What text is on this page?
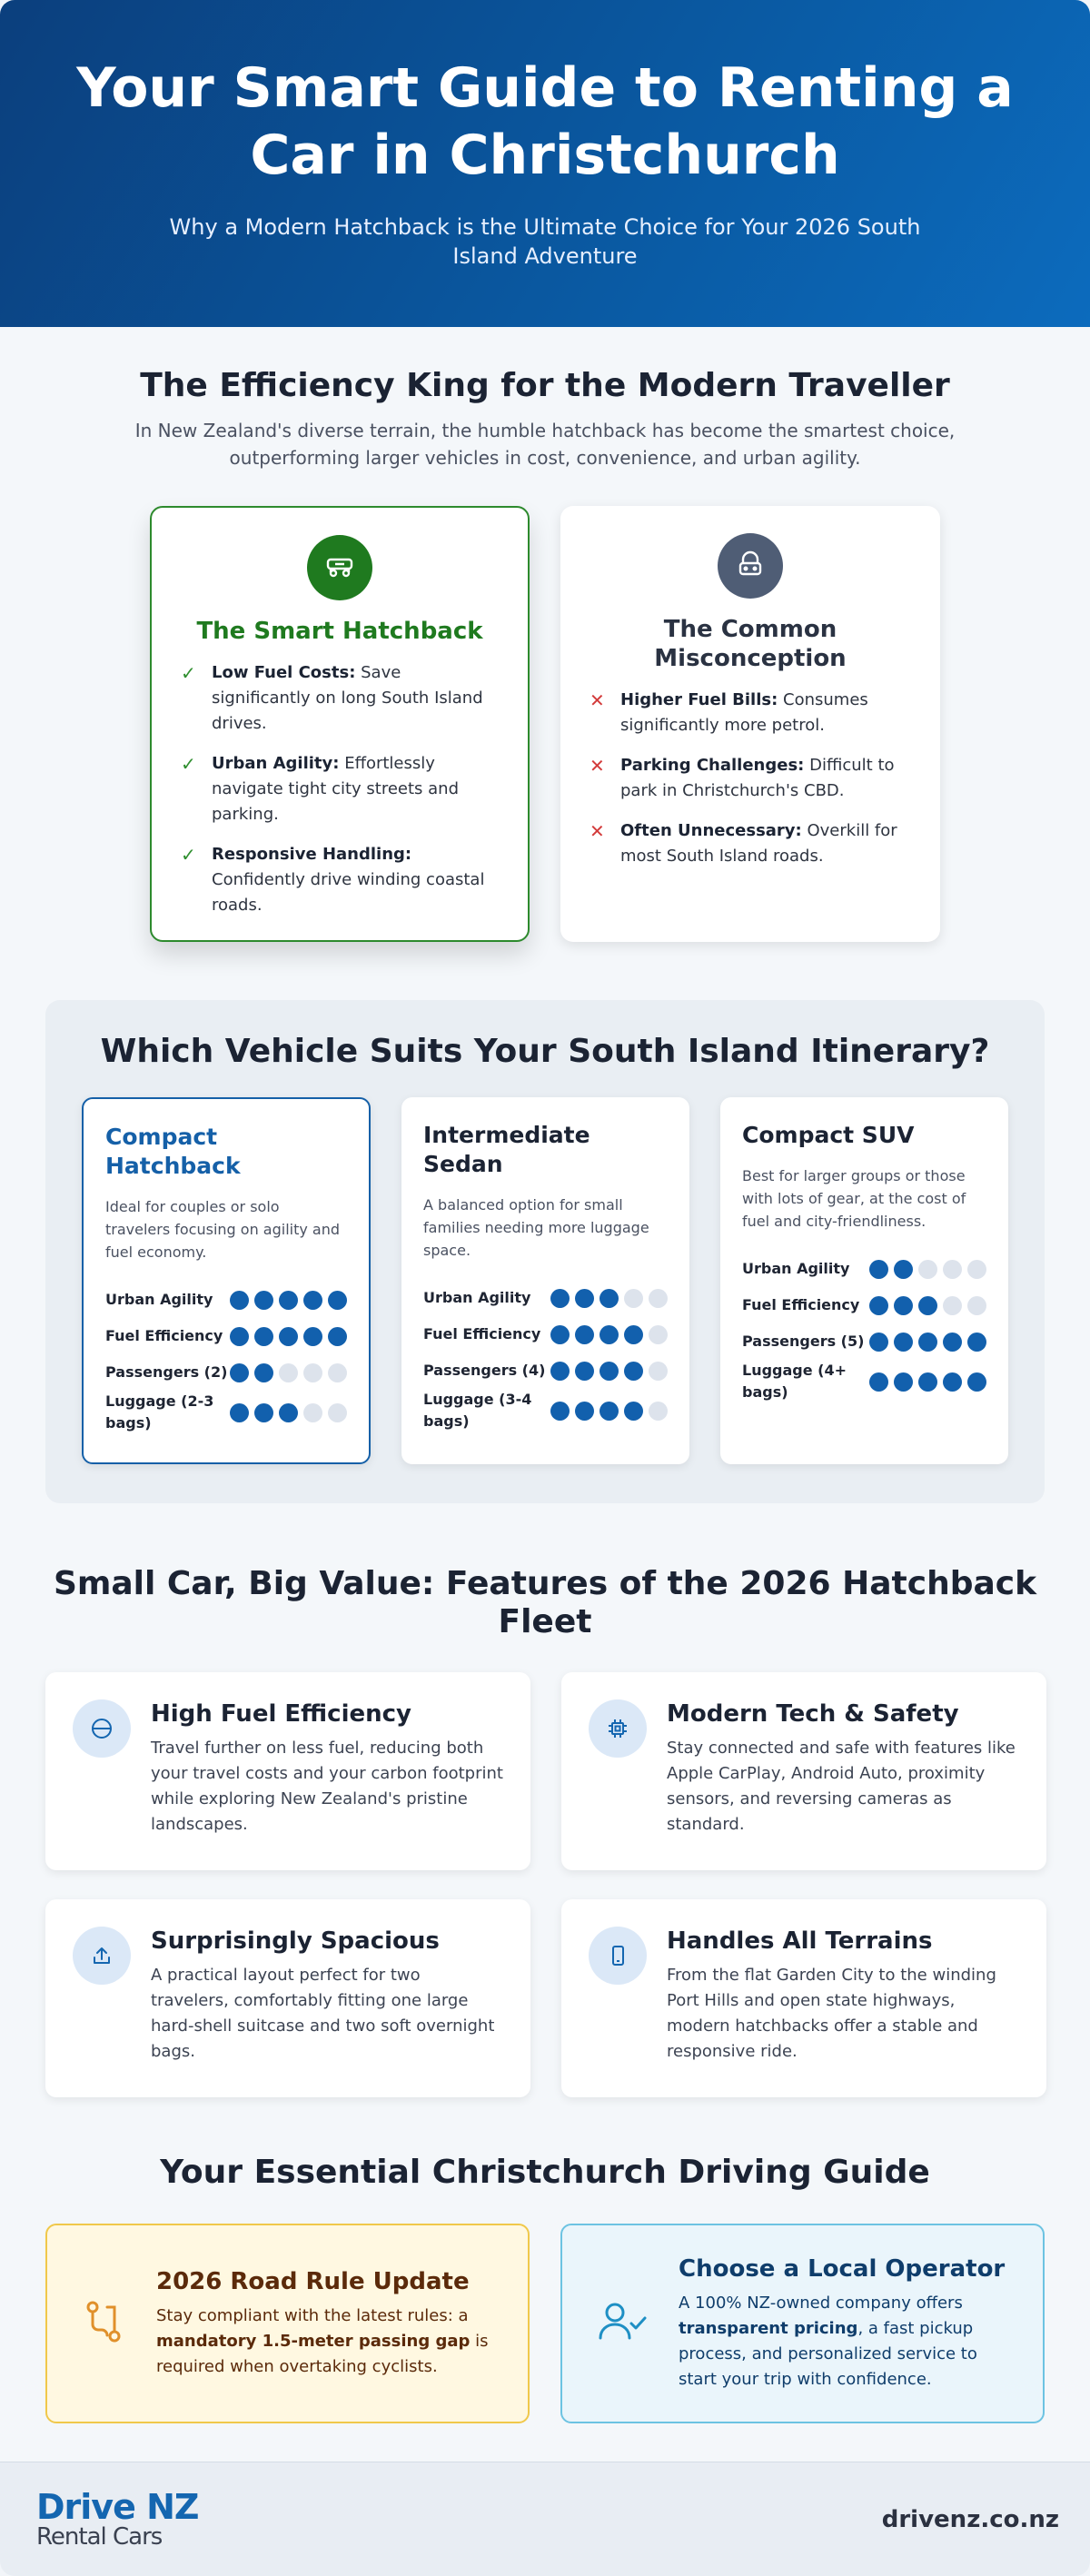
Your Smart Guide to Renting a Car in Christchurch

Why a Modern Hatchback is the Ultimate Choice for Your 2026 South Island Adventure

The Efficiency King for the Modern Traveller

In New Zealand's diverse terrain, the humble hatchback has become the smartest choice, outperforming larger vehicles in cost, convenience, and urban agility.

The Smart Hatchback
✓ Low Fuel Costs: Save significantly on long South Island drives.
✓ Urban Agility: Effortlessly navigate tight city streets and parking.
✓ Responsive Handling: Confidently drive winding coastal roads.
The Common Misconception
✕ Higher Fuel Bills: Consumes significantly more petrol.
✕ Parking Challenges: Difficult to park in Christchurch's CBD.
✕ Often Unnecessary: Overkill for most South Island roads.
Which Vehicle Suits Your South Island Itinerary?
Compact Hatchback
Ideal for couples or solo travelers focusing on agility and fuel economy.
Urban Agility
Fuel Efficiency
Passengers (2)
Luggage (2-3 bags)
Intermediate Sedan
A balanced option for small families needing more luggage space.
Urban Agility
Fuel Efficiency
Passengers (4)
Luggage (3-4 bags)
Compact SUV
Best for larger groups or those with lots of gear, at the cost of fuel and city-friendliness.
Urban Agility
Fuel Efficiency
Passengers (5)
Luggage (4+ bags)
Small Car, Big Value: Features of the 2026 Hatchback Fleet
High Fuel Efficiency
Travel further on less fuel, reducing both your travel costs and your carbon footprint while exploring New Zealand's pristine landscapes.
Modern Tech & Safety
Stay connected and safe with features like Apple CarPlay, Android Auto, proximity sensors, and reversing cameras as standard.
Surprisingly Spacious
A practical layout perfect for two travelers, comfortably fitting one large hard-shell suitcase and two soft overnight bags.
Handles All Terrains
From the flat Garden City to the winding Port Hills and open state highways, modern hatchbacks offer a stable and responsive ride.
Your Essential Christchurch Driving Guide
2026 Road Rule Update
Stay compliant with the latest rules: a mandatory 1.5-meter passing gap is required when overtaking cyclists.
Choose a Local Operator
A 100% NZ-owned company offers transparent pricing, a fast pickup process, and personalized service to start your trip with confidence.
Drive NZ
Rental Cars
drivenz.co.nz
